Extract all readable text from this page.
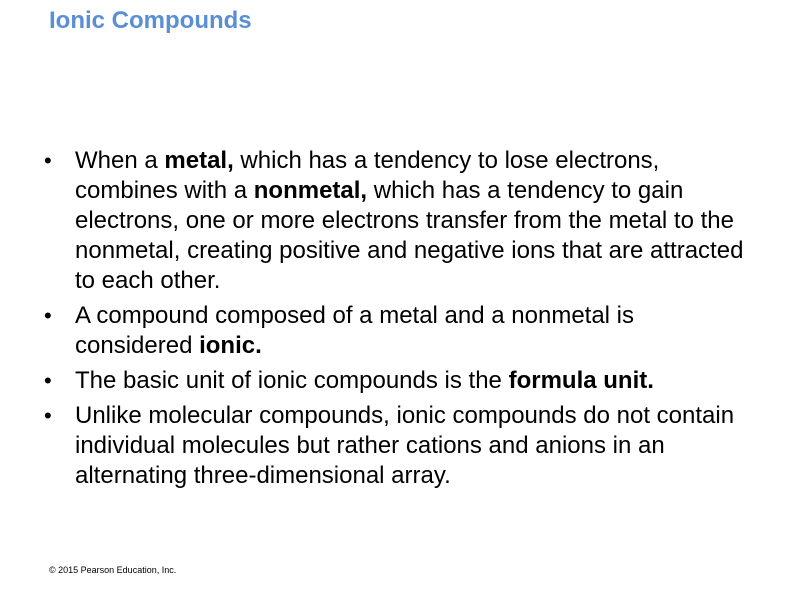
Ionic Compounds
• When a metal, which has a tendency to lose electrons, combines with a nonmetal, which has a tendency to gain electrons, one or more electrons transfer from the metal to the nonmetal, creating positive and negative ions that are attracted to each other.
• A compound composed of a metal and a nonmetal is considered ionic.
• The basic unit of ionic compounds is the formula unit.
• Unlike molecular compounds, ionic compounds do not contain individual molecules but rather cations and anions in an alternating three-dimensional array.
© 2015 Pearson Education, Inc.
